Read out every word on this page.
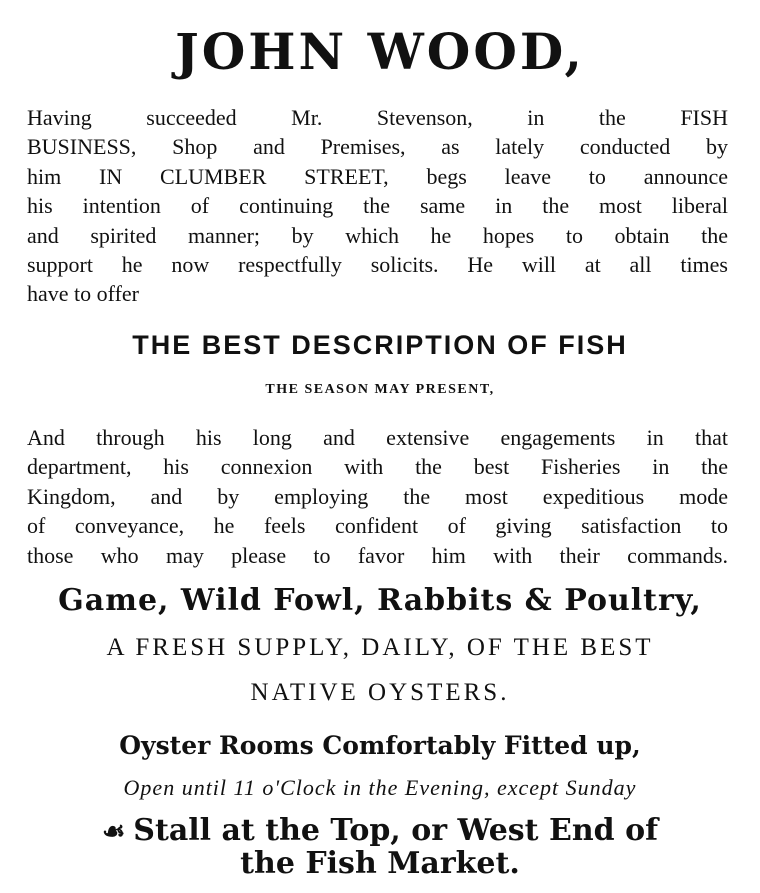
JOHN WOOD,
Having succeeded Mr. Stevenson, in the FISH
BUSINESS, Shop and Premises, as lately conducted by
him IN CLUMBER STREET, begs leave to announce
his intention of continuing the same in the most liberal
and spirited manner; by which he hopes to obtain the
support he now respectfully solicits. He will at all times
have to offer
THE BEST DESCRIPTION OF FISH
THE SEASON MAY PRESENT,
And through his long and extensive engagements in that
department, his connexion with the best Fisheries in the
Kingdom, and by employing the most expeditious mode
of conveyance, he feels confident of giving satisfaction to
those who may please to favor him with their commands.
Game, Wild Fowl, Rabbits & Poultry,
A FRESH SUPPLY, DAILY, OF THE BEST
NATIVE OYSTERS.
Oyster Rooms Comfortably Fitted up,
Open until 11 o'Clock in the Evening, except Sunday
☙ Stall at the Top, or West End of
the Fish Market.
